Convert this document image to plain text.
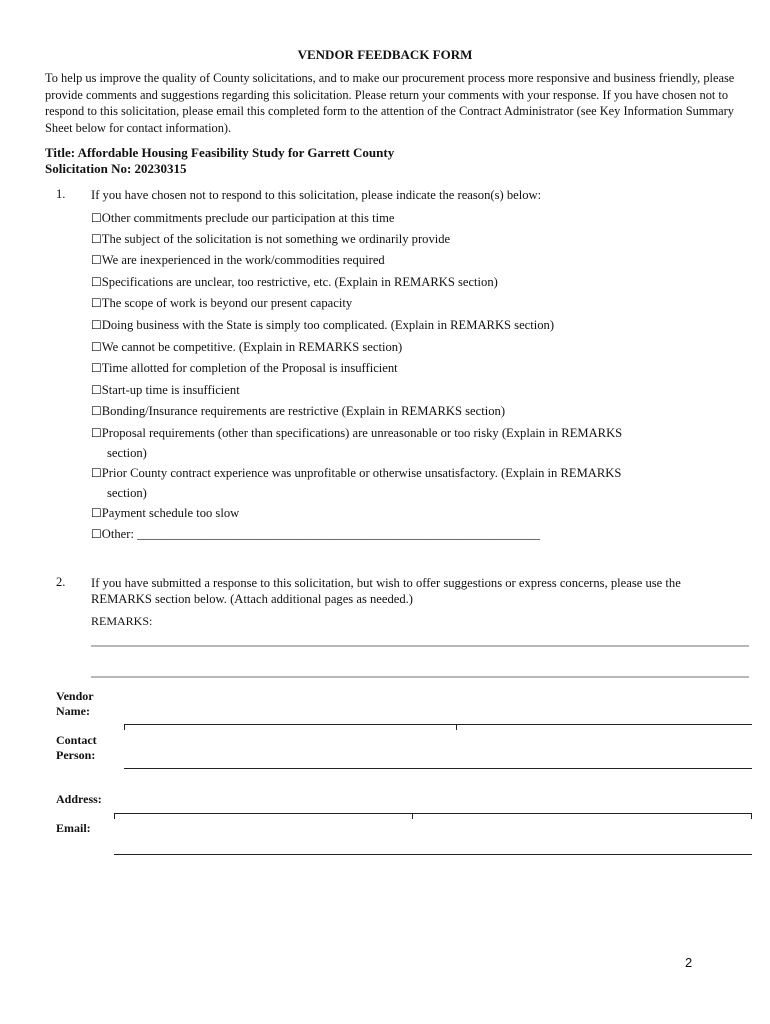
VENDOR FEEDBACK FORM
To help us improve the quality of County solicitations, and to make our procurement process more responsive and business friendly, please provide comments and suggestions regarding this solicitation. Please return your comments with your response. If you have chosen not to respond to this solicitation, please email this completed form to the attention of the Contract Administrator (see Key Information Summary Sheet below for contact information).
Title: Affordable Housing Feasibility Study for Garrett County
Solicitation No: 20230315
1. If you have chosen not to respond to this solicitation, please indicate the reason(s) below:
☐Other commitments preclude our participation at this time
☐The subject of the solicitation is not something we ordinarily provide
☐We are inexperienced in the work/commodities required
☐Specifications are unclear, too restrictive, etc. (Explain in REMARKS section)
☐The scope of work is beyond our present capacity
☐Doing business with the State is simply too complicated. (Explain in REMARKS section)
☐We cannot be competitive. (Explain in REMARKS section)
☐Time allotted for completion of the Proposal is insufficient
☐Start-up time is insufficient
☐Bonding/Insurance requirements are restrictive (Explain in REMARKS section)
☐Proposal requirements (other than specifications) are unreasonable or too risky (Explain in REMARKS
section)
☐Prior County contract experience was unprofitable or otherwise unsatisfactory. (Explain in REMARKS
section)
☐Payment schedule too slow
☐Other: ________________________________________________________________
2. If you have submitted a response to this solicitation, but wish to offer suggestions or express concerns, please use the REMARKS section below. (Attach additional pages as needed.)
REMARKS:
Vendor
Name:
Contact
Person:
Address:
Email:
2
